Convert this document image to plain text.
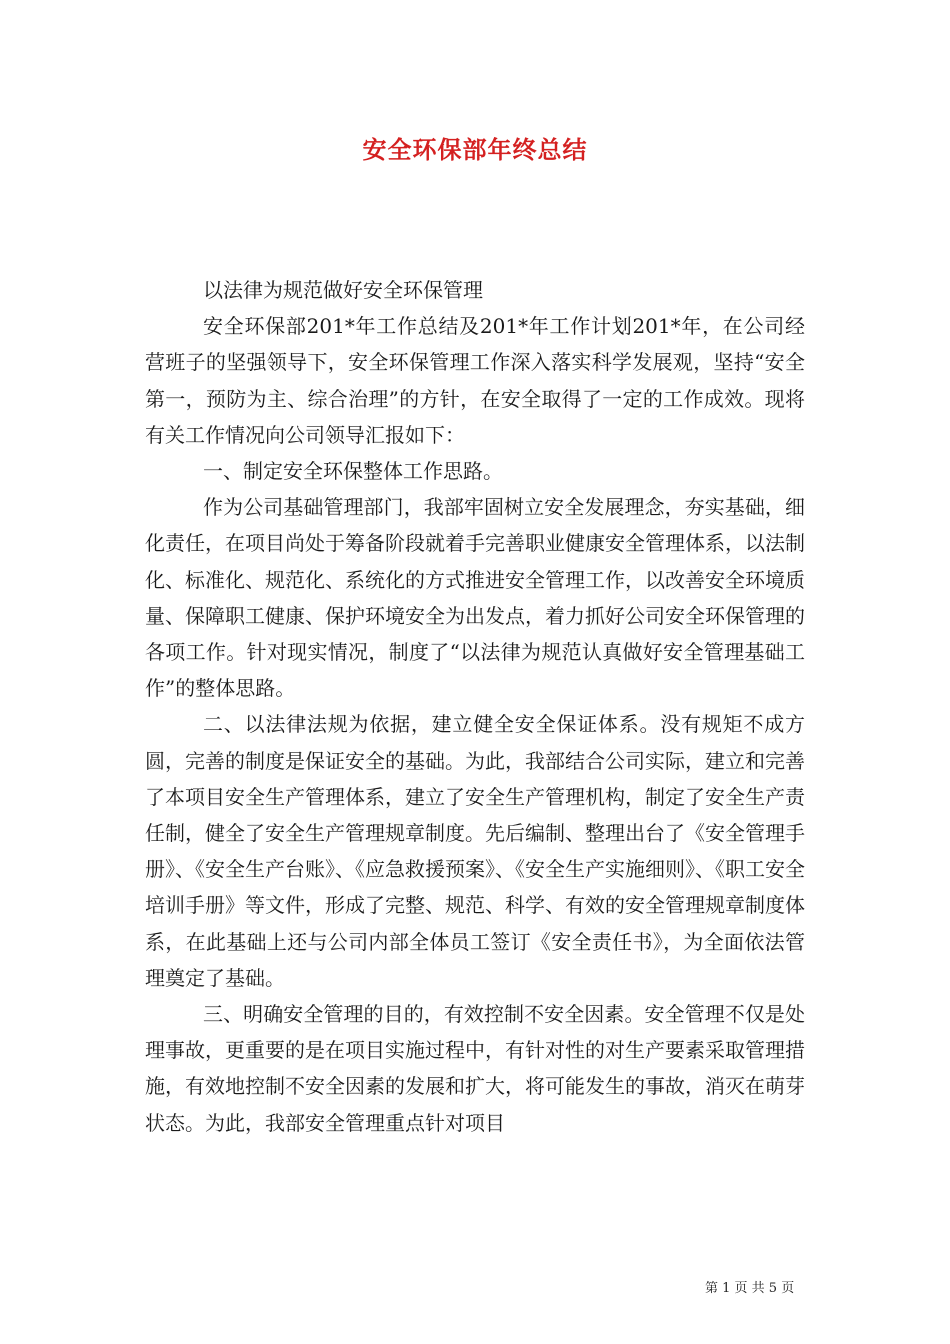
安全环保部年终总结

以法律为规范做好安全环保管理

安全环保部201*年工作总结及201*年工作计划201*年，在公司经营班子的坚强领导下，安全环保管理工作深入落实科学发展观，坚持“安全第一，预防为主、综合治理”的方针，在安全取得了一定的工作成效。现将有关工作情况向公司领导汇报如下：

一、制定安全环保整体工作思路。

作为公司基础管理部门，我部牢固树立安全发展理念，夯实基础，细化责任，在项目尚处于筹备阶段就着手完善职业健康安全管理体系，以法制化、标准化、规范化、系统化的方式推进安全管理工作，以改善安全环境质量、保障职工健康、保护环境安全为出发点，着力抓好公司安全环保管理的各项工作。针对现实情况，制度了“以法律为规范认真做好安全管理基础工作”的整体思路。

二、以法律法规为依据，建立健全安全保证体系。没有规矩不成方圆，完善的制度是保证安全的基础。为此，我部结合公司实际，建立和完善了本项目安全生产管理体系，建立了安全生产管理机构，制定了安全生产责任制，健全了安全生产管理规章制度。先后编制、整理出台了《安全管理手册》、《安全生产台账》、《应急救援预案》、《安全生产实施细则》、《职工安全培训手册》等文件，形成了完整、规范、科学、有效的安全管理规章制度体系，在此基础上还与公司内部全体员工签订《安全责任书》，为全面依法管理奠定了基础。

三、明确安全管理的目的，有效控制不安全因素。安全管理不仅是处理事故，更重要的是在项目实施过程中，有针对性的对生产要素采取管理措施，有效地控制不安全因素的发展和扩大，将可能发生的事故，消灭在萌芽状态。为此，我部安全管理重点针对项目

第 1 页 共 5 页
